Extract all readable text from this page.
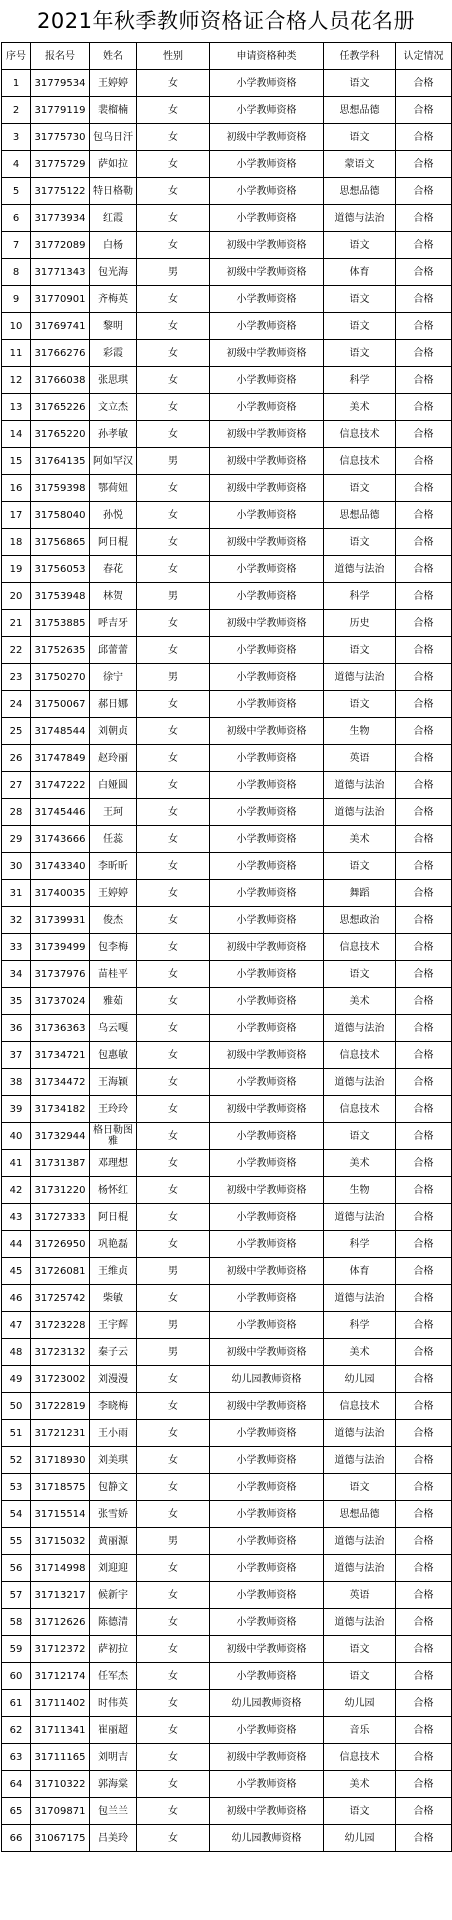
2021年秋季教师资格证合格人员花名册
序号	报名号	姓名	性别	申请资格种类	任教学科	认定情况
1	31779534	王婷婷	女	小学教师资格	语文	合格
2	31779119	裴榴楠	女	小学教师资格	思想品德	合格
3	31775730	包乌日汗	女	初级中学教师资格	语文	合格
4	31775729	萨如拉	女	小学教师资格	蒙语文	合格
5	31775122	特日格勒	女	小学教师资格	思想品德	合格
6	31773934	红霞	女	小学教师资格	道德与法治	合格
7	31772089	白杨	女	初级中学教师资格	语文	合格
8	31771343	包光海	男	初级中学教师资格	体育	合格
9	31770901	齐梅英	女	小学教师资格	语文	合格
10	31769741	黎明	女	小学教师资格	语文	合格
11	31766276	彩霞	女	初级中学教师资格	语文	合格
12	31766038	张思琪	女	小学教师资格	科学	合格
13	31765226	文立杰	女	小学教师资格	美术	合格
14	31765220	孙孝敏	女	初级中学教师资格	信息技术	合格
15	31764135	阿如罕汉	男	初级中学教师资格	信息技术	合格
16	31759398	鄂荷妞	女	初级中学教师资格	语文	合格
17	31758040	孙悦	女	小学教师资格	思想品德	合格
18	31756865	阿日棍	女	初级中学教师资格	语文	合格
19	31756053	春花	女	小学教师资格	道德与法治	合格
20	31753948	林贺	男	小学教师资格	科学	合格
21	31753885	呼吉牙	女	初级中学教师资格	历史	合格
22	31752635	邱蕾蕾	女	小学教师资格	语文	合格
23	31750270	徐宁	男	小学教师资格	道德与法治	合格
24	31750067	郝日娜	女	小学教师资格	语文	合格
25	31748544	刘朝贞	女	初级中学教师资格	生物	合格
26	31747849	赵玲丽	女	小学教师资格	英语	合格
27	31747222	白娅圆	女	小学教师资格	道德与法治	合格
28	31745446	王珂	女	小学教师资格	道德与法治	合格
29	31743666	任蕊	女	小学教师资格	美术	合格
30	31743340	李昕昕	女	小学教师资格	语文	合格
31	31740035	王婷婷	女	小学教师资格	舞蹈	合格
32	31739931	俊杰	女	小学教师资格	思想政治	合格
33	31739499	包李梅	女	初级中学教师资格	信息技术	合格
34	31737976	苗桂平	女	小学教师资格	语文	合格
35	31737024	雅茹	女	小学教师资格	美术	合格
36	31736363	乌云嘎	女	小学教师资格	道德与法治	合格
37	31734721	包惠敏	女	初级中学教师资格	信息技术	合格
38	31734472	王海颖	女	小学教师资格	道德与法治	合格
39	31734182	王玲玲	女	初级中学教师资格	信息技术	合格
40	31732944	格日勒图雅	女	小学教师资格	语文	合格
41	31731387	邓理想	女	小学教师资格	美术	合格
42	31731220	杨怀红	女	初级中学教师资格	生物	合格
43	31727333	阿日棍	女	小学教师资格	道德与法治	合格
44	31726950	巩艳磊	女	小学教师资格	科学	合格
45	31726081	王维贞	男	初级中学教师资格	体育	合格
46	31725742	柴敏	女	小学教师资格	道德与法治	合格
47	31723228	王宇辉	男	小学教师资格	科学	合格
48	31723132	秦子云	男	初级中学教师资格	美术	合格
49	31723002	刘漫漫	女	幼儿园教师资格	幼儿园	合格
50	31722819	李晓梅	女	初级中学教师资格	信息技术	合格
51	31721231	王小雨	女	小学教师资格	道德与法治	合格
52	31718930	刘美琪	女	小学教师资格	道德与法治	合格
53	31718575	包静文	女	小学教师资格	语文	合格
54	31715514	张雪娇	女	小学教师资格	思想品德	合格
55	31715032	黄丽源	男	小学教师资格	道德与法治	合格
56	31714998	刘迎迎	女	小学教师资格	道德与法治	合格
57	31713217	候新宇	女	小学教师资格	英语	合格
58	31712626	陈德清	女	小学教师资格	道德与法治	合格
59	31712372	萨初拉	女	初级中学教师资格	语文	合格
60	31712174	任军杰	女	小学教师资格	语文	合格
61	31711402	时伟英	女	幼儿园教师资格	幼儿园	合格
62	31711341	崔丽超	女	小学教师资格	音乐	合格
63	31711165	刘明吉	女	初级中学教师资格	信息技术	合格
64	31710322	郭海棠	女	小学教师资格	美术	合格
65	31709871	包兰兰	女	初级中学教师资格	语文	合格
66	31067175	吕美玲	女	幼儿园教师资格	幼儿园	合格
